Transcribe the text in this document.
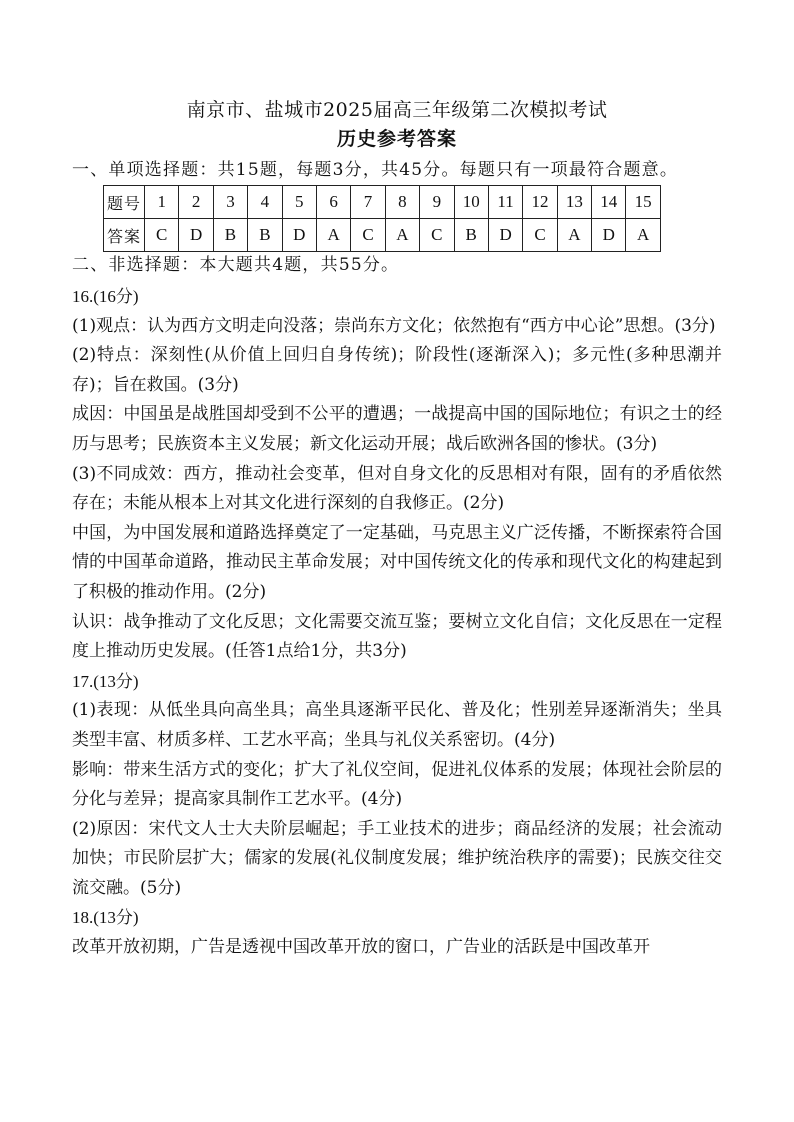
南京市、盐城市2025届高三年级第二次模拟考试
历史参考答案
一、单项选择题：共15题，每题3分，共45分。每题只有一项最符合题意。
题号	1	2	3	4	5	6	7	8	9	10	11	12	13	14	15
答案	C	D	B	B	D	A	C	A	C	B	D	C	A	D	A
二、非选择题：本大题共4题，共55分。

16.(16分)

(1)观点：认为西方文明走向没落；崇尚东方文化；依然抱有“西方中心论”思想。(3分)

(2)特点：深刻性(从价值上回归自身传统)；阶段性(逐渐深入)；多元性(多种思潮并存)；旨在救国。(3分)

成因：中国虽是战胜国却受到不公平的遭遇；一战提高中国的国际地位；有识之士的经历与思考；民族资本主义发展；新文化运动开展；战后欧洲各国的惨状。(3分)

(3)不同成效：西方，推动社会变革，但对自身文化的反思相对有限，固有的矛盾依然存在；未能从根本上对其文化进行深刻的自我修正。(2分)

中国，为中国发展和道路选择奠定了一定基础，马克思主义广泛传播，不断探索符合国情的中国革命道路，推动民主革命发展；对中国传统文化的传承和现代文化的构建起到了积极的推动作用。(2分)

认识：战争推动了文化反思；文化需要交流互鉴；要树立文化自信；文化反思在一定程度上推动历史发展。(任答1点给1分，共3分)

17.(13分)

(1)表现：从低坐具向高坐具；高坐具逐渐平民化、普及化；性别差异逐渐消失；坐具类型丰富、材质多样、工艺水平高；坐具与礼仪关系密切。(4分)

影响：带来生活方式的变化；扩大了礼仪空间，促进礼仪体系的发展；体现社会阶层的分化与差异；提高家具制作工艺水平。(4分)

(2)原因：宋代文人士大夫阶层崛起；手工业技术的进步；商品经济的发展；社会流动加快；市民阶层扩大；儒家的发展(礼仪制度发展；维护统治秩序的需要)；民族交往交流交融。(5分)

18.(13分)

改革开放初期，广告是透视中国改革开放的窗口，广告业的活跃是中国改革开
